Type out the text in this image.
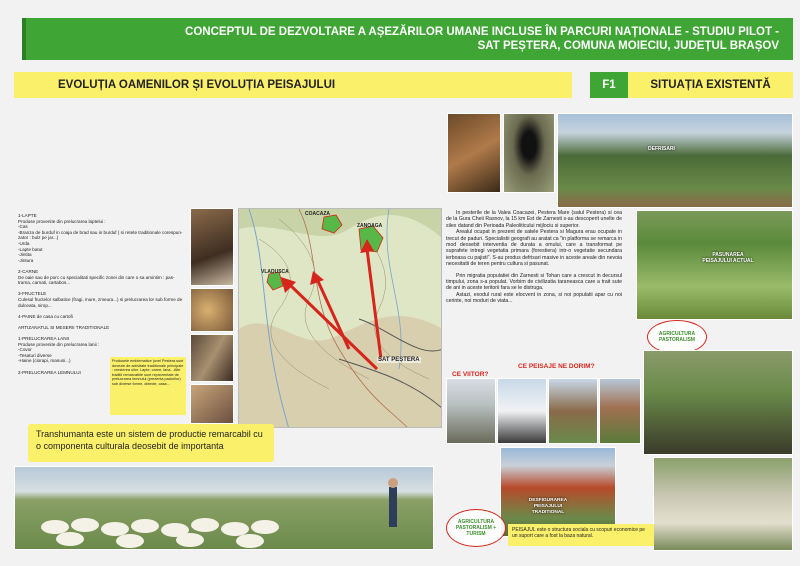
CONCEPTUL DE DEZVOLTARE A AȘEZĂRILOR UMANE INCLUSE ÎN PARCURI NAȚIONALE - STUDIU PILOT -
SAT PEȘTERA, COMUNA MOIECIU, JUDEȚUL BRAȘOV
EVOLUȚIA OAMENILOR ȘI EVOLUȚIA PEISAJULUI	F1	SITUAȚIA EXISTENTĂ
1-LAPTE
Produse provenite din prelucrarea laptelui :
-Cas
-Branza de burduf in coaja de brad sau in burduf ( si retete traditionale corespun-
zator : bulz pe jar...)
-Urda
-Lapte batut
-Jintita
-Jintura

2-CARNE
De oaie sau de porc cu specialitati specific zonei din care o sa amintim : pas-
trama, carnati, cartabos...

3-FRUCTELE
Culesul fructelor salbatice (fragi, mure, zmeura...) si prelucrarea lor sub forme de
dulceata, sirop...

4-PAINE de casa cu cartofi

ARTIZANATUL SI MESERII TRADITIONALE

1-PRELUCRAREA LANII
Produse provenite din prelucrarea lanii :
-Covor
-Tesaturi diverse
-Haine (ciorapi, manusi...)

2-PRELUCRAREA LEMNULUI
COACAZA
ZANOAGA
VLADUSCA
SAT PEȘTERA
Produsele emblematice (ovei Pestera sunt dovezie de activitate traditionale principale : cresterea oilor. Lapte, carne, lana. -Alte traditii remarcabile sunt reprezentate de prelucrarea lemnului (prezenta padurilor) sub diverse forme, obiecte, casa...
Transhumanta este un sistem de productie remarcabil cu o componenta culturala deosebit de importanta
DEFRISARI

In pesterile de la Valea Coacazei, Pestera Mare (satul Pestera) si cea de la Gura Cheii Rasnov, la 15 km Est de Zarnesti s-au descoperit unelte de silex datand din Perioada Paleoliticului mijlociu si superior.

Arealul ocupat in prezent de satele Pestera si Magura erau ocupate in trecut de paduri. Specialistii geografi au aratat ca "in platforma se remarca in mod deosebit interventia de durata a omului, care a transformat pe suprafete intregi vegetatia primara (forestiera) intr-o vegetatie secundara ierboasa cu pajisti". S-au produs defrisari masive in aceste areale din nevoia necesitatii de teren pentru cultura si pasunat.

Prin migratia populatiei din Zarnesti si Tohan care a crescut in decursul timpului, zona s-a populat. Vorbim de civilizatia taraneasca care a trait sute de ani in aceste teritorii fara se le distruga.

Astazi, exodul rural este elocvent in zona, si noi populatii apar cu noi cerinte, noi moduri de viata...

CE PEISAJE NE DORIM?
CE VIITOR?
PASUNAREA PEISAJULUI ACTUAL
AGRICULTURA PASTORALISM
DESFIGURAREA PEISAJULUI TRADITIONAL
AGRICULTURA PASTORALISM + TURISM
PEISAJUL este o structura sociala cu scopuri economice pe un suport care a fost la baza natural.
